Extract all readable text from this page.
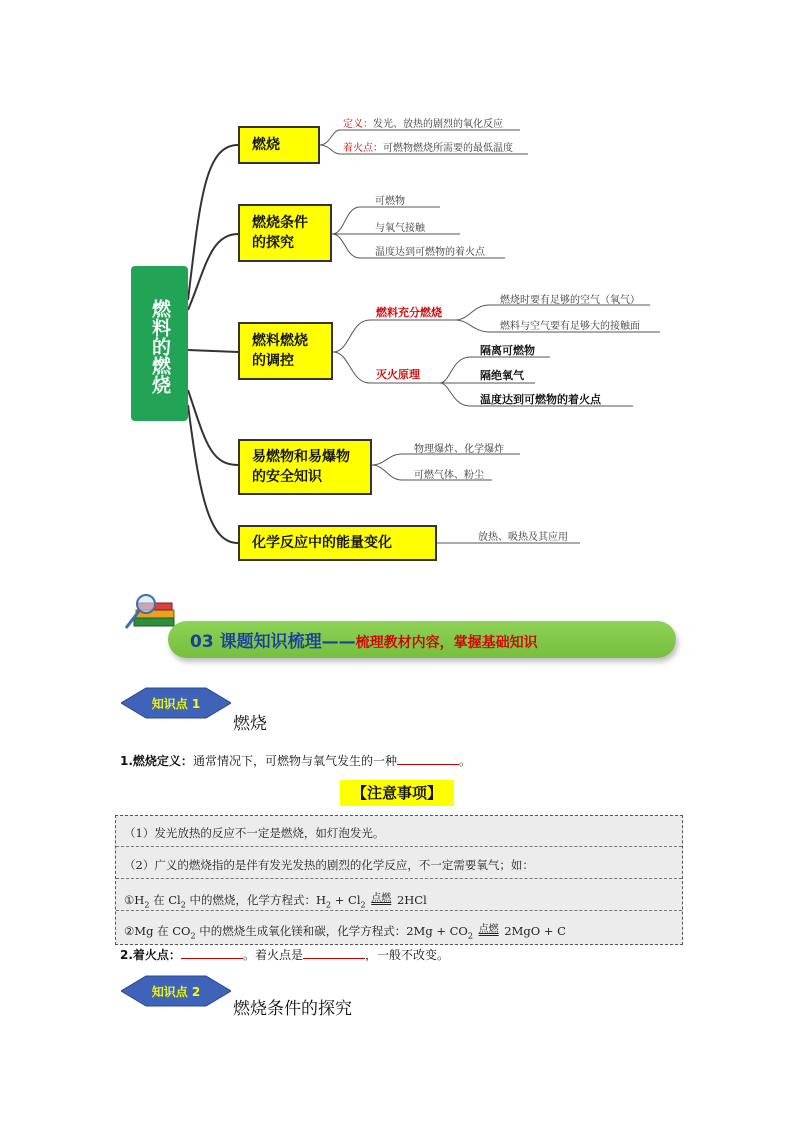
燃料的燃烧
燃烧
燃烧条件的探究
燃料燃烧的调控
易燃物和易爆物的安全知识
化学反应中的能量变化
定义：发光、放热的剧烈的氧化反应
着火点：可燃物燃烧所需要的最低温度
可燃物
与氧气接触
温度达到可燃物的着火点
燃料充分燃烧
灭火原理
燃烧时要有足够的空气（氧气）
燃料与空气要有足够大的接触面
隔离可燃物
隔绝氧气
温度达到可燃物的着火点
物理爆炸、化学爆炸
可燃气体、粉尘
放热、吸热及其应用
03 课题知识梳理——梳理教材内容，掌握基础知识
知识点 1
燃烧
1.燃烧定义：通常情况下，可燃物与氧气发生的一种	。
【注意事项】
（1）发光放热的反应不一定是燃烧，如灯泡发光。
（2）广义的燃烧指的是伴有发光发热的剧烈的化学反应，不一定需要氧气；如：
$①H_2$ 在 $Cl_2$ 中的燃烧，化学方程式：$H_2 + Cl_2$ 点燃 2HCl
②Mg 在 $CO_2$ 中的燃烧生成氧化镁和碳，化学方程式：$2Mg + CO_2$ 点燃 2MgO + C
2.着火点：	。着火点是	，一般不改变。
知识点 2
燃烧条件的探究
